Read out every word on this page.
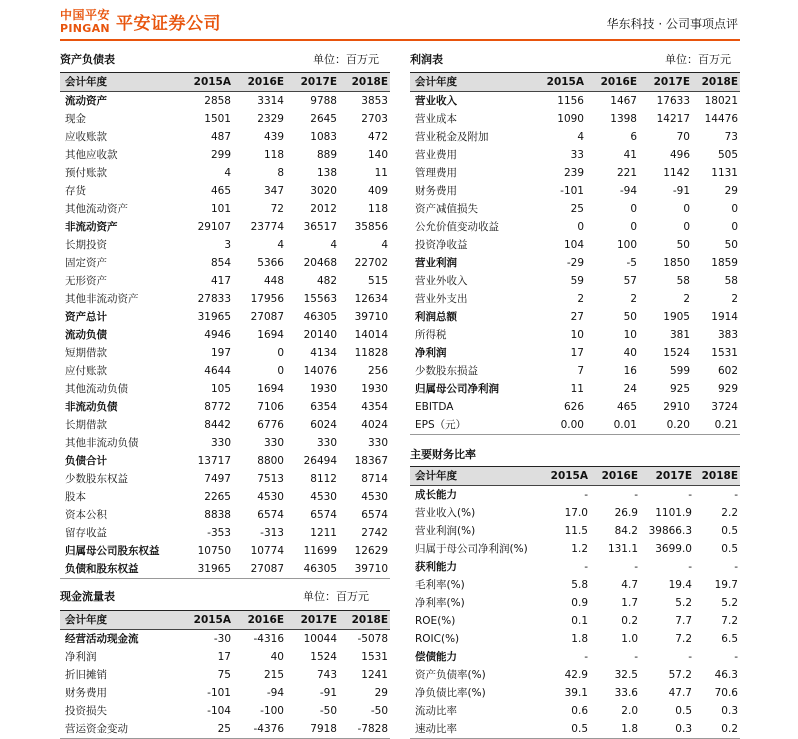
中国平安
PINGAN 平安证券公司	华东科技 · 公司事项点评
资产负债表	单位：百万元
会计年度	2015A	2016E	2017E	2018E
流动资产	2858	3314	9788	3853
现金	1501	2329	2645	2703
应收账款	487	439	1083	472
其他应收款	299	118	889	140
预付账款	4	8	138	11
存货	465	347	3020	409
其他流动资产	101	72	2012	118
非流动资产	29107	23774	36517	35856
长期投资	3	4	4	4
固定资产	854	5366	20468	22702
无形资产	417	448	482	515
其他非流动资产	27833	17956	15563	12634
资产总计	31965	27087	46305	39710
流动负债	4946	1694	20140	14014
短期借款	197	0	4134	11828
应付账款	4644	0	14076	256
其他流动负债	105	1694	1930	1930
非流动负债	8772	7106	6354	4354
长期借款	8442	6776	6024	4024
其他非流动负债	330	330	330	330
负债合计	13717	8800	26494	18367
少数股东权益	7497	7513	8112	8714
股本	2265	4530	4530	4530
资本公积	8838	6574	6574	6574
留存收益	-353	-313	1211	2742
归属母公司股东权益	10750	10774	11699	12629
负债和股东权益	31965	27087	46305	39710
现金流量表	单位：百万元
会计年度	2015A	2016E	2017E	2018E
经营活动现金流	-30	-4316	10044	-5078
净利润	17	40	1524	1531
折旧摊销	75	215	743	1241
财务费用	-101	-94	-91	29
投资损失	-104	-100	-50	-50
营运资金变动	25	-4376	7918	-7828
利润表	单位：百万元
会计年度	2015A	2016E	2017E	2018E
营业收入	1156	1467	17633	18021
营业成本	1090	1398	14217	14476
营业税金及附加	4	6	70	73
营业费用	33	41	496	505
管理费用	239	221	1142	1131
财务费用	-101	-94	-91	29
资产减值损失	25	0	0	0
公允价值变动收益	0	0	0	0
投资净收益	104	100	50	50
营业利润	-29	-5	1850	1859
营业外收入	59	57	58	58
营业外支出	2	2	2	2
利润总额	27	50	1905	1914
所得税	10	10	381	383
净利润	17	40	1524	1531
少数股东损益	7	16	599	602
归属母公司净利润	11	24	925	929
EBITDA	626	465	2910	3724
EPS（元）	0.00	0.01	0.20	0.21
主要财务比率
会计年度	2015A	2016E	2017E	2018E
成长能力	-	-	-	-
营业收入(%)	17.0	26.9	1101.9	2.2
营业利润(%)	11.5	84.2	39866.3	0.5
归属于母公司净利润(%)	1.2	131.1	3699.0	0.5
获利能力	-	-	-	-
毛利率(%)	5.8	4.7	19.4	19.7
净利率(%)	0.9	1.7	5.2	5.2
ROE(%)	0.1	0.2	7.7	7.2
ROIC(%)	1.8	1.0	7.2	6.5
偿债能力	-	-	-	-
资产负债率(%)	42.9	32.5	57.2	46.3
净负债比率(%)	39.1	33.6	47.7	70.6
流动比率	0.6	2.0	0.5	0.3
速动比率	0.5	1.8	0.3	0.2
